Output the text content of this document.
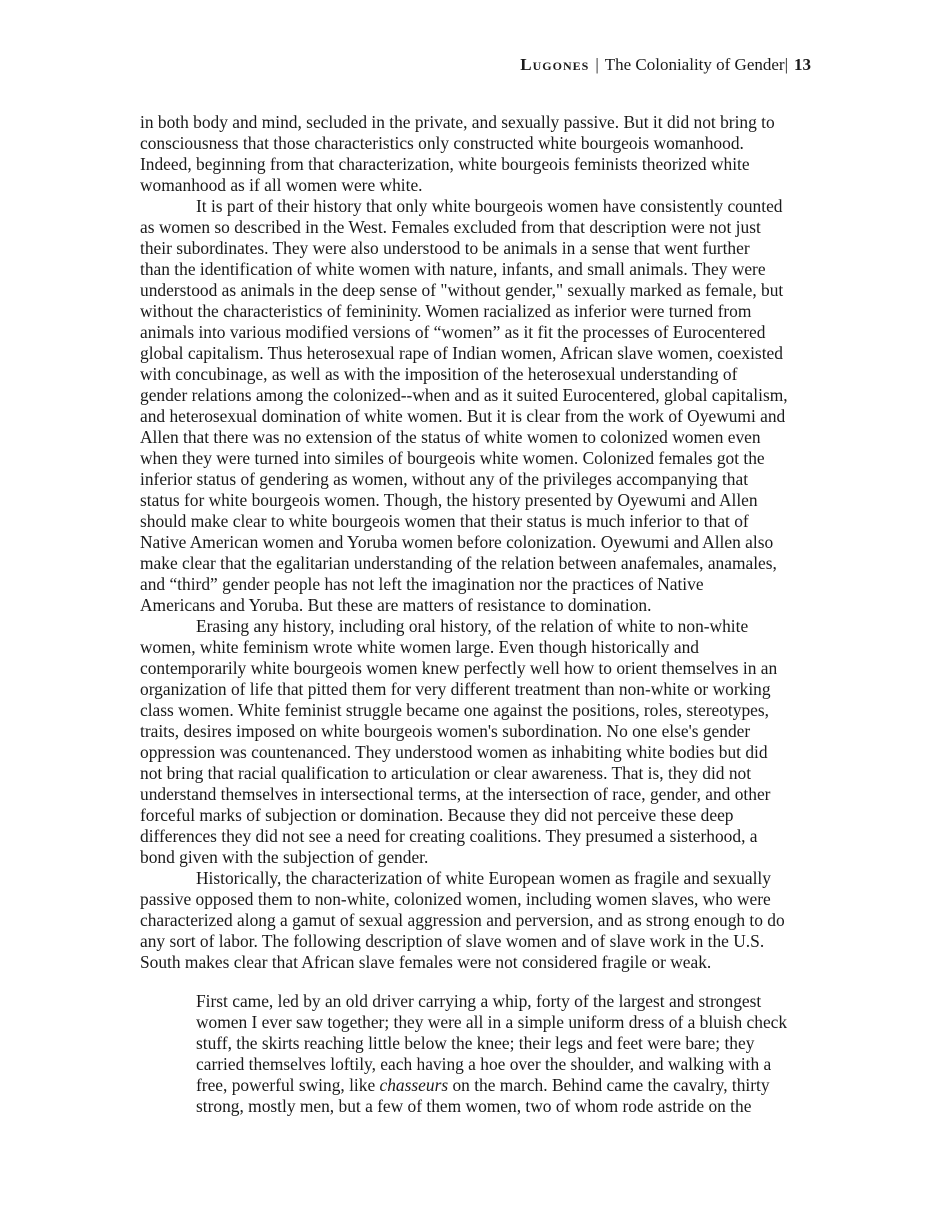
Lugones | The Coloniality of Gender| 13
in both body and mind, secluded in the private, and sexually passive. But it did not bring to
consciousness that those characteristics only constructed white bourgeois womanhood.
Indeed, beginning from that characterization, white bourgeois feminists theorized white
womanhood as if all women were white.
It is part of their history that only white bourgeois women have consistently counted
as women so described in the West. Females excluded from that description were not just
their subordinates. They were also understood to be animals in a sense that went further
than the identification of white women with nature, infants, and small animals. They were
understood as animals in the deep sense of "without gender," sexually marked as female, but
without the characteristics of femininity. Women racialized as inferior were turned from
animals into various modified versions of “women” as it fit the processes of Eurocentered
global capitalism. Thus heterosexual rape of Indian women, African slave women, coexisted
with concubinage, as well as with the imposition of the heterosexual understanding of
gender relations among the colonized--when and as it suited Eurocentered, global capitalism,
and heterosexual domination of white women. But it is clear from the work of Oyewumi and
Allen that there was no extension of the status of white women to colonized women even
when they were turned into similes of bourgeois white women. Colonized females got the
inferior status of gendering as women, without any of the privileges accompanying that
status for white bourgeois women. Though, the history presented by Oyewumi and Allen
should make clear to white bourgeois women that their status is much inferior to that of
Native American women and Yoruba women before colonization. Oyewumi and Allen also
make clear that the egalitarian understanding of the relation between anafemales, anamales,
and “third” gender people has not left the imagination nor the practices of Native
Americans and Yoruba. But these are matters of resistance to domination.
Erasing any history, including oral history, of the relation of white to non-white
women, white feminism wrote white women large. Even though historically and
contemporarily white bourgeois women knew perfectly well how to orient themselves in an
organization of life that pitted them for very different treatment than non-white or working
class women. White feminist struggle became one against the positions, roles, stereotypes,
traits, desires imposed on white bourgeois women's subordination. No one else's gender
oppression was countenanced. They understood women as inhabiting white bodies but did
not bring that racial qualification to articulation or clear awareness. That is, they did not
understand themselves in intersectional terms, at the intersection of race, gender, and other
forceful marks of subjection or domination. Because they did not perceive these deep
differences they did not see a need for creating coalitions. They presumed a sisterhood, a
bond given with the subjection of gender.
Historically, the characterization of white European women as fragile and sexually
passive opposed them to non-white, colonized women, including women slaves, who were
characterized along a gamut of sexual aggression and perversion, and as strong enough to do
any sort of labor. The following description of slave women and of slave work in the U.S.
South makes clear that African slave females were not considered fragile or weak.
First came, led by an old driver carrying a whip, forty of the largest and strongest
women I ever saw together; they were all in a simple uniform dress of a bluish check
stuff, the skirts reaching little below the knee; their legs and feet were bare; they
carried themselves loftily, each having a hoe over the shoulder, and walking with a
free, powerful swing, like chasseurs on the march. Behind came the cavalry, thirty
strong, mostly men, but a few of them women, two of whom rode astride on the
